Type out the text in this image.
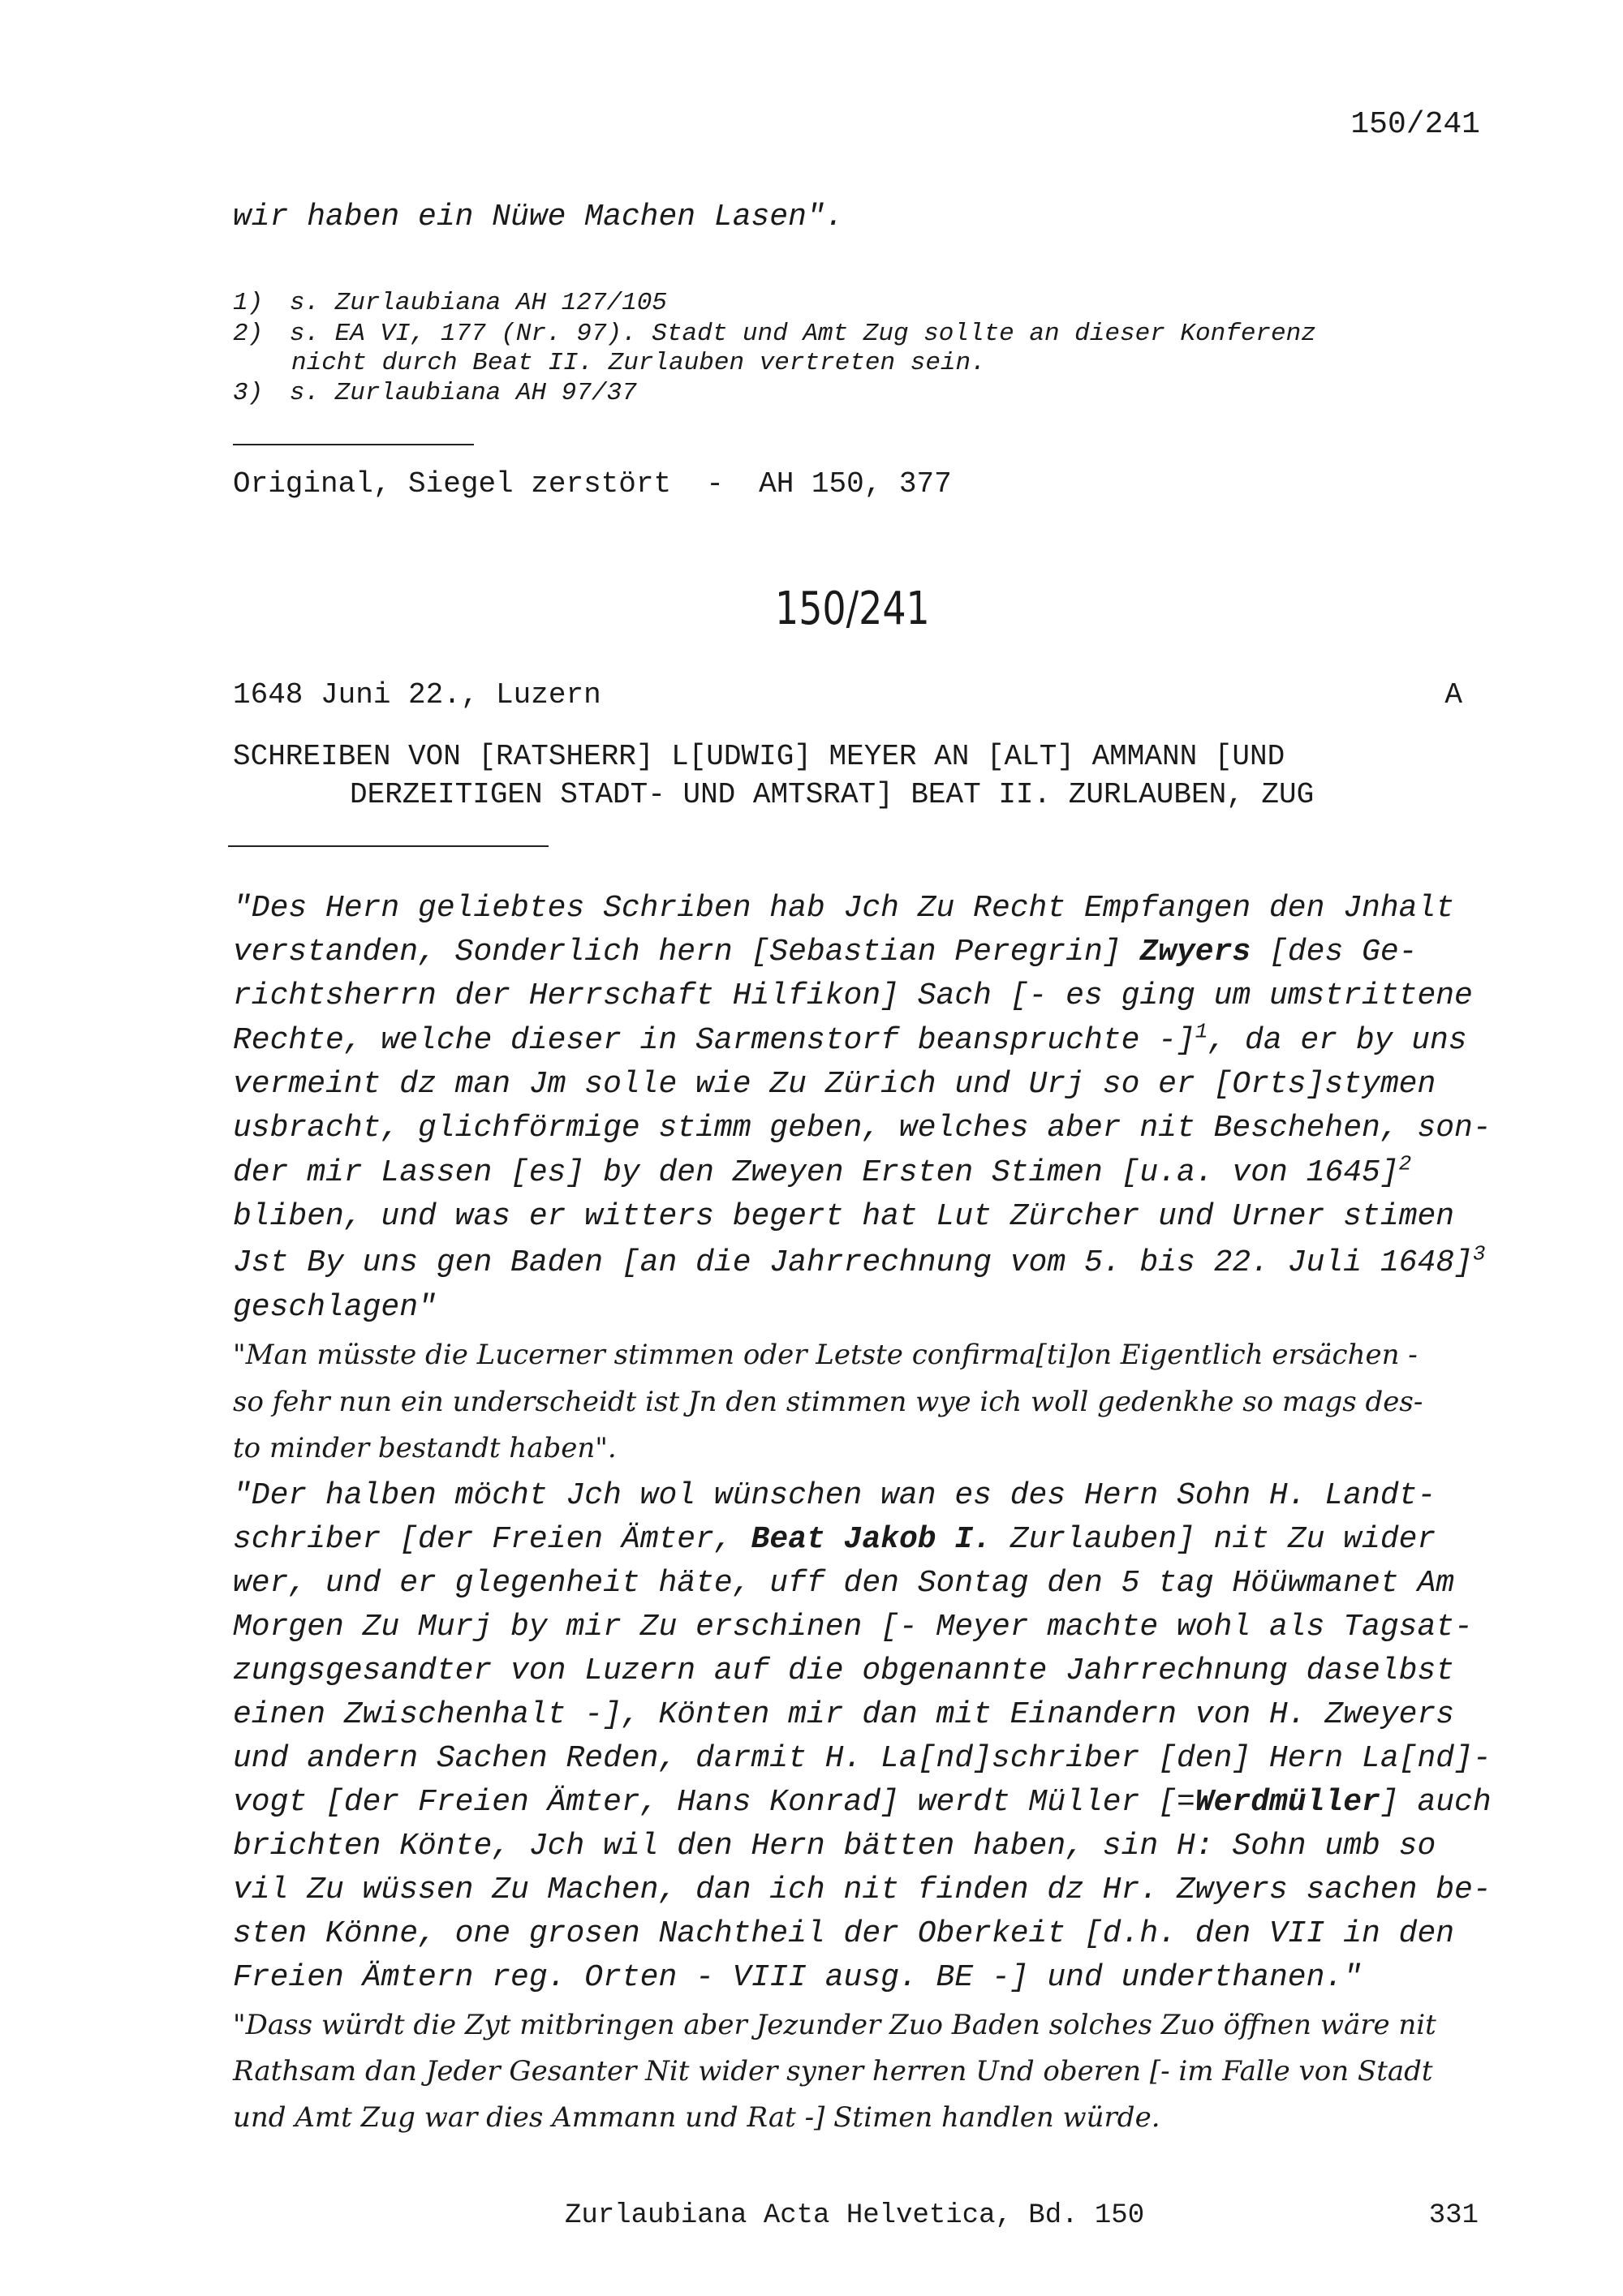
150/241
wir haben ein Nüwe Machen Lasen".
1) s. Zurlaubiana AH 127/105
2) s. EA VI, 177 (Nr. 97). Stadt und Amt Zug sollte an dieser Konferenz
nicht durch Beat II. Zurlauben vertreten sein.
3) s. Zurlaubiana AH 97/37
Original, Siegel zerstört  -  AH 150, 377
150/241
1648 Juni 22., Luzern	A
SCHREIBEN VON [RATSHERR] L[UDWIG] MEYER AN [ALT] AMMANN [UND
DERZEITIGEN STADT- UND AMTSRAT] BEAT II. ZURLAUBEN, ZUG
"Des Hern geliebtes Schriben hab Jch Zu Recht Empfangen den Jnhalt
verstanden, Sonderlich hern [Sebastian Peregrin] Zwyers [des Ge-
richtsherrn der Herrschaft Hilfikon] Sach [- es ging um umstrittene
Rechte, welche dieser in Sarmenstorf beanspruchte -]$^1$, da er by uns
vermeint dz man Jm solle wie Zu Zürich und Urj so er [Orts]stymen
usbracht, glichförmige stimm geben, welches aber nit Beschehen, son-
der mir Lassen [es] by den Zweyen Ersten Stimen [u.a. von 1645]$^2$
bliben, und was er witters begert hat Lut Zürcher und Urner stimen
Jst By uns gen Baden [an die Jahrrechnung vom 5. bis 22. Juli 1648]$^3$
geschlagen"
"Man müsste die Lucerner stimmen oder Letste confirma[ti]on Eigentlich ersächen -
so fehr nun ein underscheidt ist Jn den stimmen wye ich woll gedenkhe so mags des-
to minder bestandt haben".
"Der halben möcht Jch wol wünschen wan es des Hern Sohn H. Landt-
schriber [der Freien Ämter, Beat Jakob I. Zurlauben] nit Zu wider
wer, und er glegenheit häte, uff den Sontag den 5 tag Höüwmanet Am
Morgen Zu Murj by mir Zu erschinen [- Meyer machte wohl als Tagsat-
zungsgesandter von Luzern auf die obgenannte Jahrrechnung daselbst
einen Zwischenhalt -], Könten mir dan mit Einandern von H. Zweyers
und andern Sachen Reden, darmit H. La[nd]schriber [den] Hern La[nd]-
vogt [der Freien Ämter, Hans Konrad] werdt Müller [=Werdmüller] auch
brichten Könte, Jch wil den Hern bätten haben, sin H: Sohn umb so
vil Zu wüssen Zu Machen, dan ich nit finden dz Hr. Zwyers sachen be-
sten Könne, one grosen Nachtheil der Oberkeit [d.h. den VII in den
Freien Ämtern reg. Orten - VIII ausg. BE -] und underthanen."
"Dass würdt die Zyt mitbringen aber Jezunder Zuo Baden solches Zuo öffnen wäre nit
Rathsam dan Jeder Gesanter Nit wider syner herren Und oberen [- im Falle von Stadt
und Amt Zug war dies Ammann und Rat -] Stimen handlen würde.
Zurlaubiana Acta Helvetica, Bd. 150	331
